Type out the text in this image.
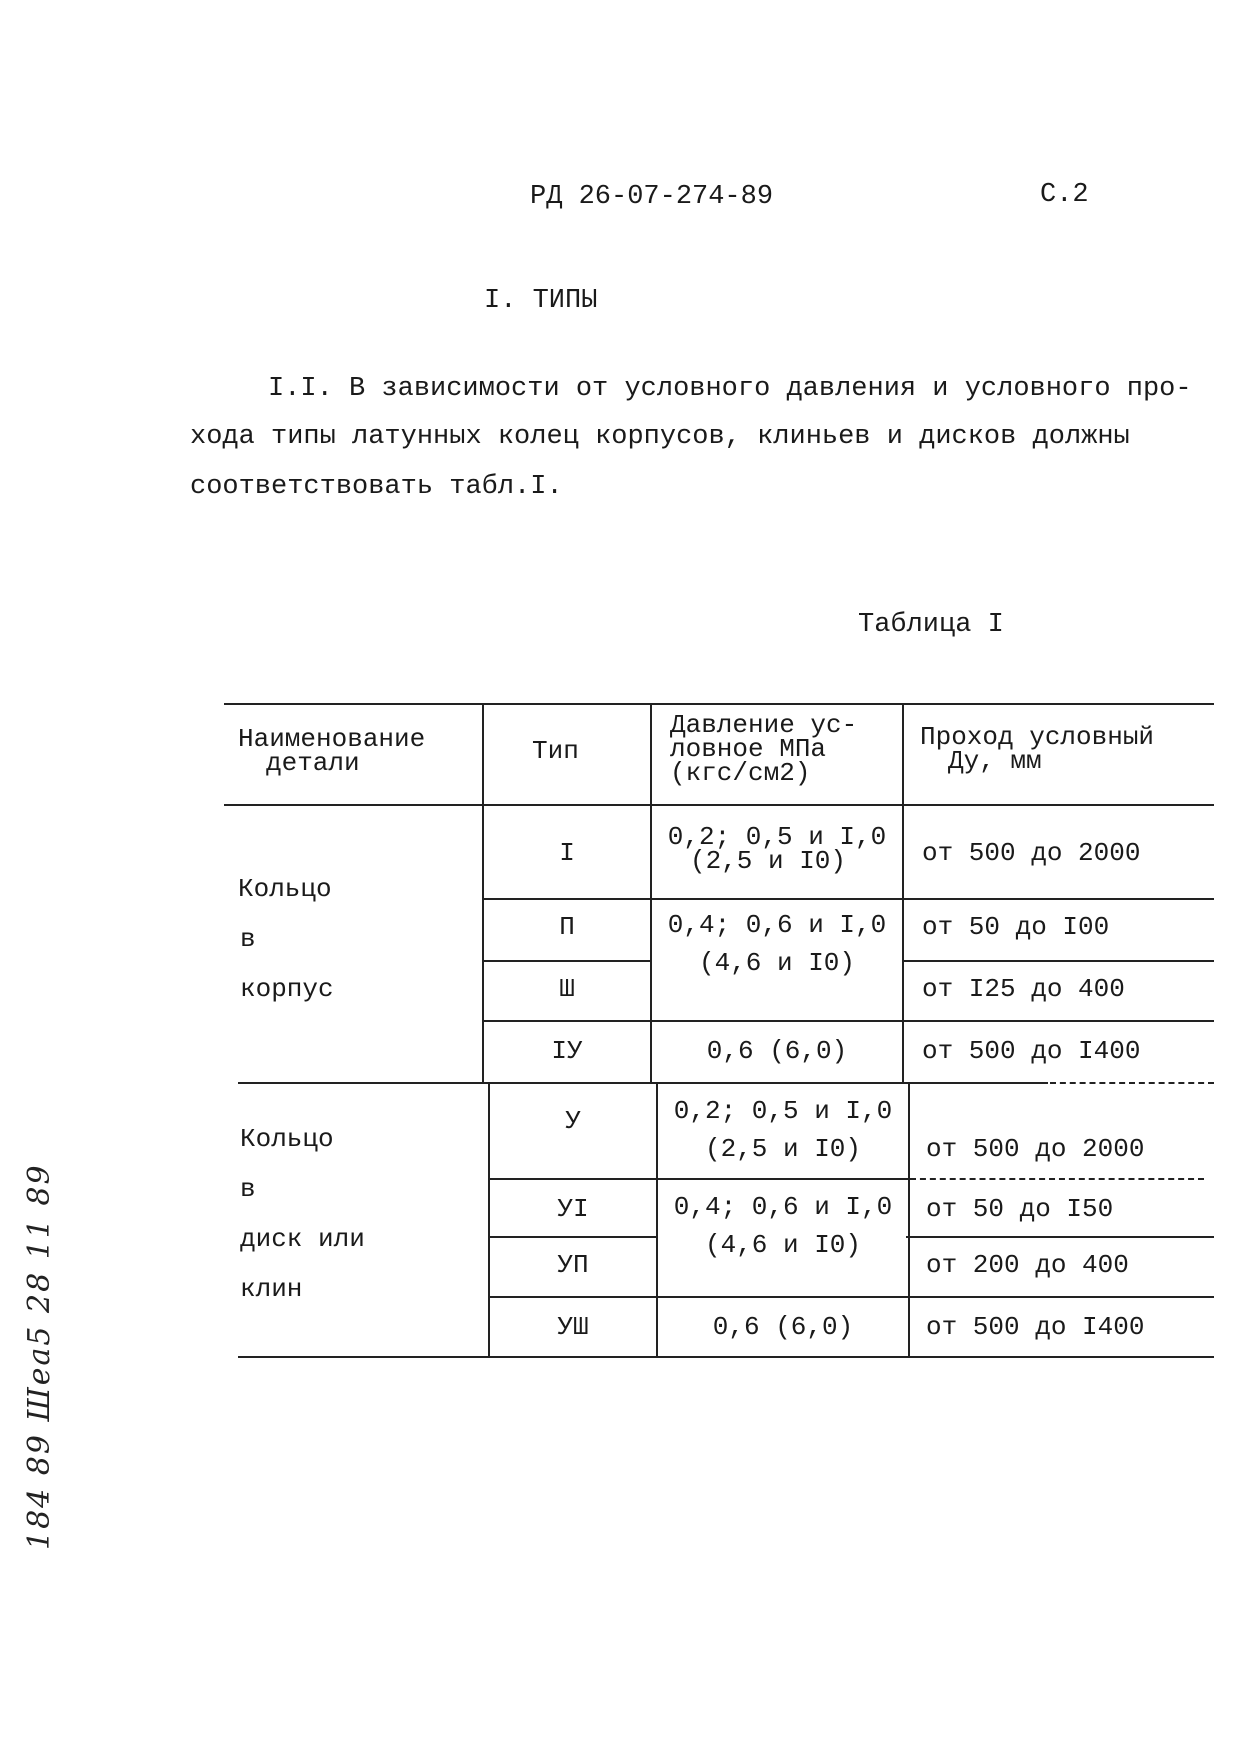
РД 26-07-274-89	С.2
I. ТИПЫ
I.I. В зависимости от условного давления и условного про-
хода типы латунных колец корпусов, клиньев и дисков должны
соответствовать табл.I.
Таблица I
Наименование
детали	Тип
Давление ус-
ловное МПа
(кгс/см2)
Проход условный
Ду, мм
Кольцо
в
корпус
Кольцо
в
диск или
клин
I
П
Ш
IУ
У
УI
УП
УШ
0,2; 0,5 и I,0
(2,5 и I0)
0,4; 0,6 и I,0
(4,6 и I0)
0,6 (6,0)
0,2; 0,5 и I,0
(2,5 и I0)
0,4; 0,6 и I,0
(4,6 и I0)
0,6 (6,0)
от 500 до 2000
от 50 до I00
от I25 до 400
от 500 до I400
от 500 до 2000
от 50 до I50
от 200 до 400
от 500 до I400
184 89 Шеа5 28 11 89
